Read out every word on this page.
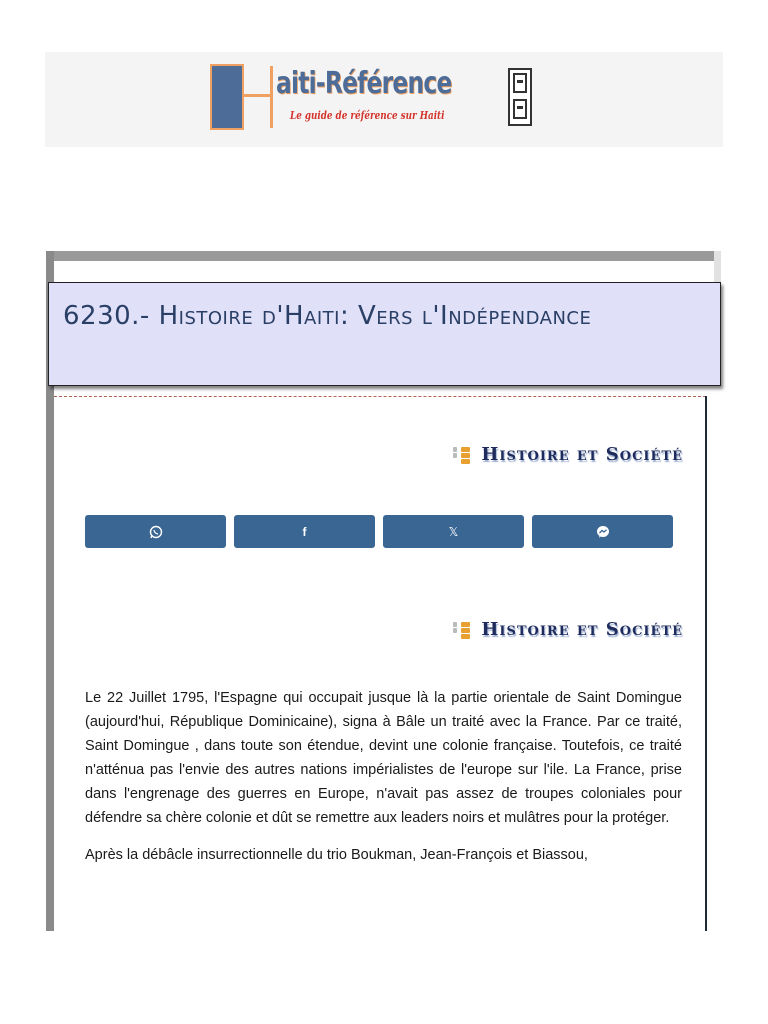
aiti-Référence
Le guide de référence sur Haiti
6230.- Histoire d'Haiti: Vers l'Indépendance
Histoire et Société
f	𝕏
Histoire et Société

Le 22 Juillet 1795, l'Espagne qui occupait jusque là la partie orientale de Saint Domingue (aujourd'hui, République Dominicaine), signa à Bâle un traité avec la France. Par ce traité, Saint Domingue , dans toute son étendue, devint une colonie française. Toutefois, ce traité n'atténua pas l'envie des autres nations impérialistes de l'europe sur l'ile. La France, prise dans l'engrenage des guerres en Europe, n'avait pas assez de troupes coloniales pour défendre sa chère colonie et dût se remettre aux leaders noirs et mulâtres pour la protéger.

Après la débâcle insurrectionnelle du trio Boukman, Jean-François et Biassou,
